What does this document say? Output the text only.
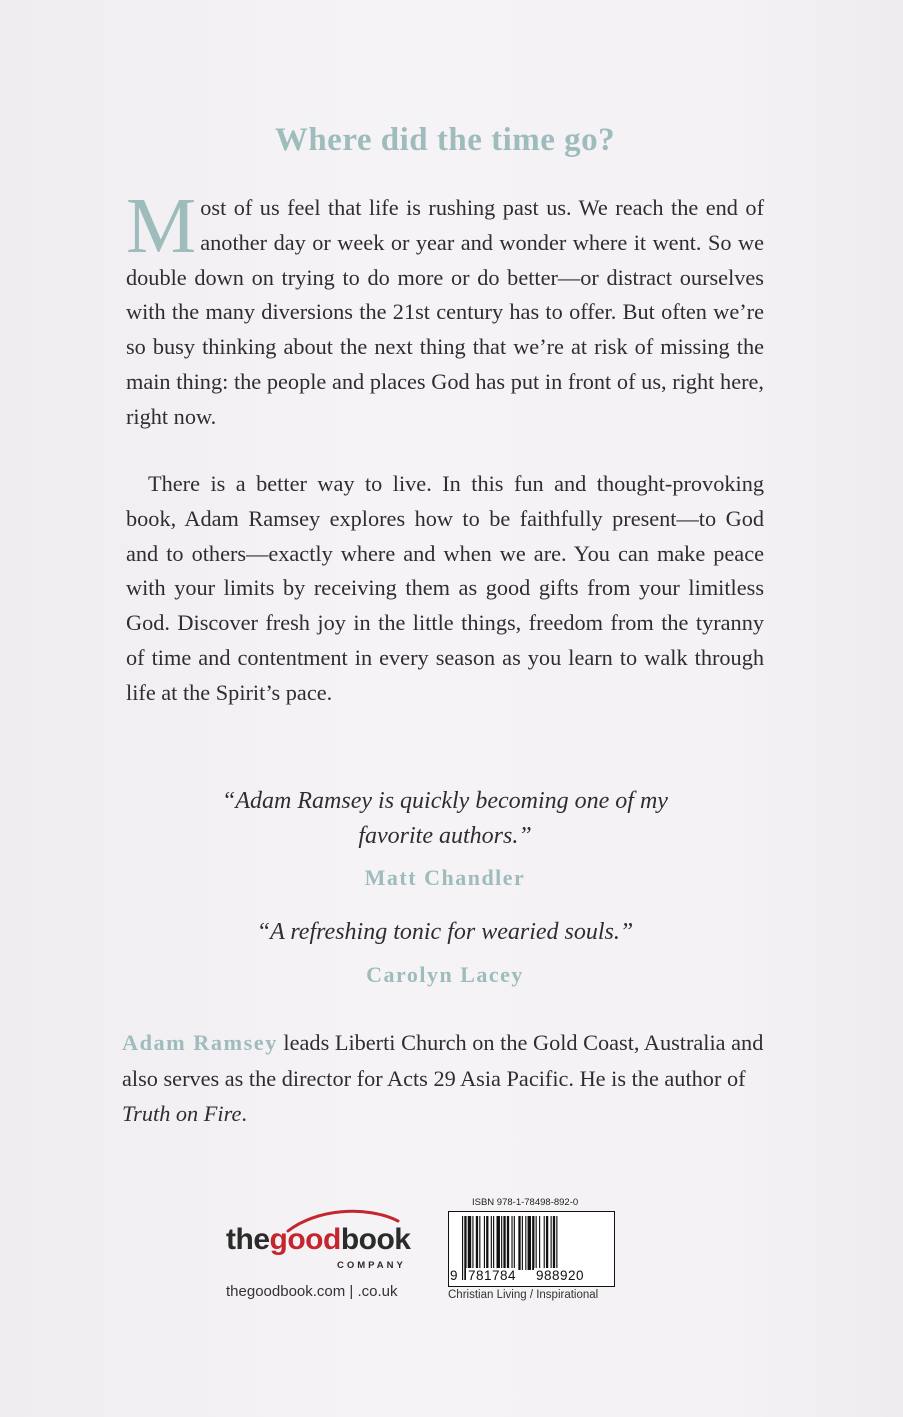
Where did the time go?
Most of us feel that life is rushing past us. We reach the end of another day or week or year and wonder where it went. So we double down on trying to do more or do better—or distract ourselves with the many diversions the 21st century has to offer. But often we’re so busy thinking about the next thing that we’re at risk of missing the main thing: the people and places God has put in front of us, right here, right now.
There is a better way to live. In this fun and thought-provoking book, Adam Ramsey explores how to be faithfully present—to God and to others—exactly where and when we are. You can make peace with your limits by receiving them as good gifts from your limitless God. Discover fresh joy in the little things, freedom from the tyranny of time and contentment in every season as you learn to walk through life at the Spirit’s pace.
“Adam Ramsey is quickly becoming one of my
favorite authors.”
Matt Chandler
“A refreshing tonic for wearied souls.”
Carolyn Lacey
Adam Ramsey leads Liberti Church on the Gold Coast, Australia and also serves as the director for Acts 29 Asia Pacific. He is the author of Truth on Fire.
thegoodbook
COMPANY
thegoodbook.com | .co.uk
ISBN 978-1-78498-892-0
9 781784 988920
Christian Living / Inspirational
